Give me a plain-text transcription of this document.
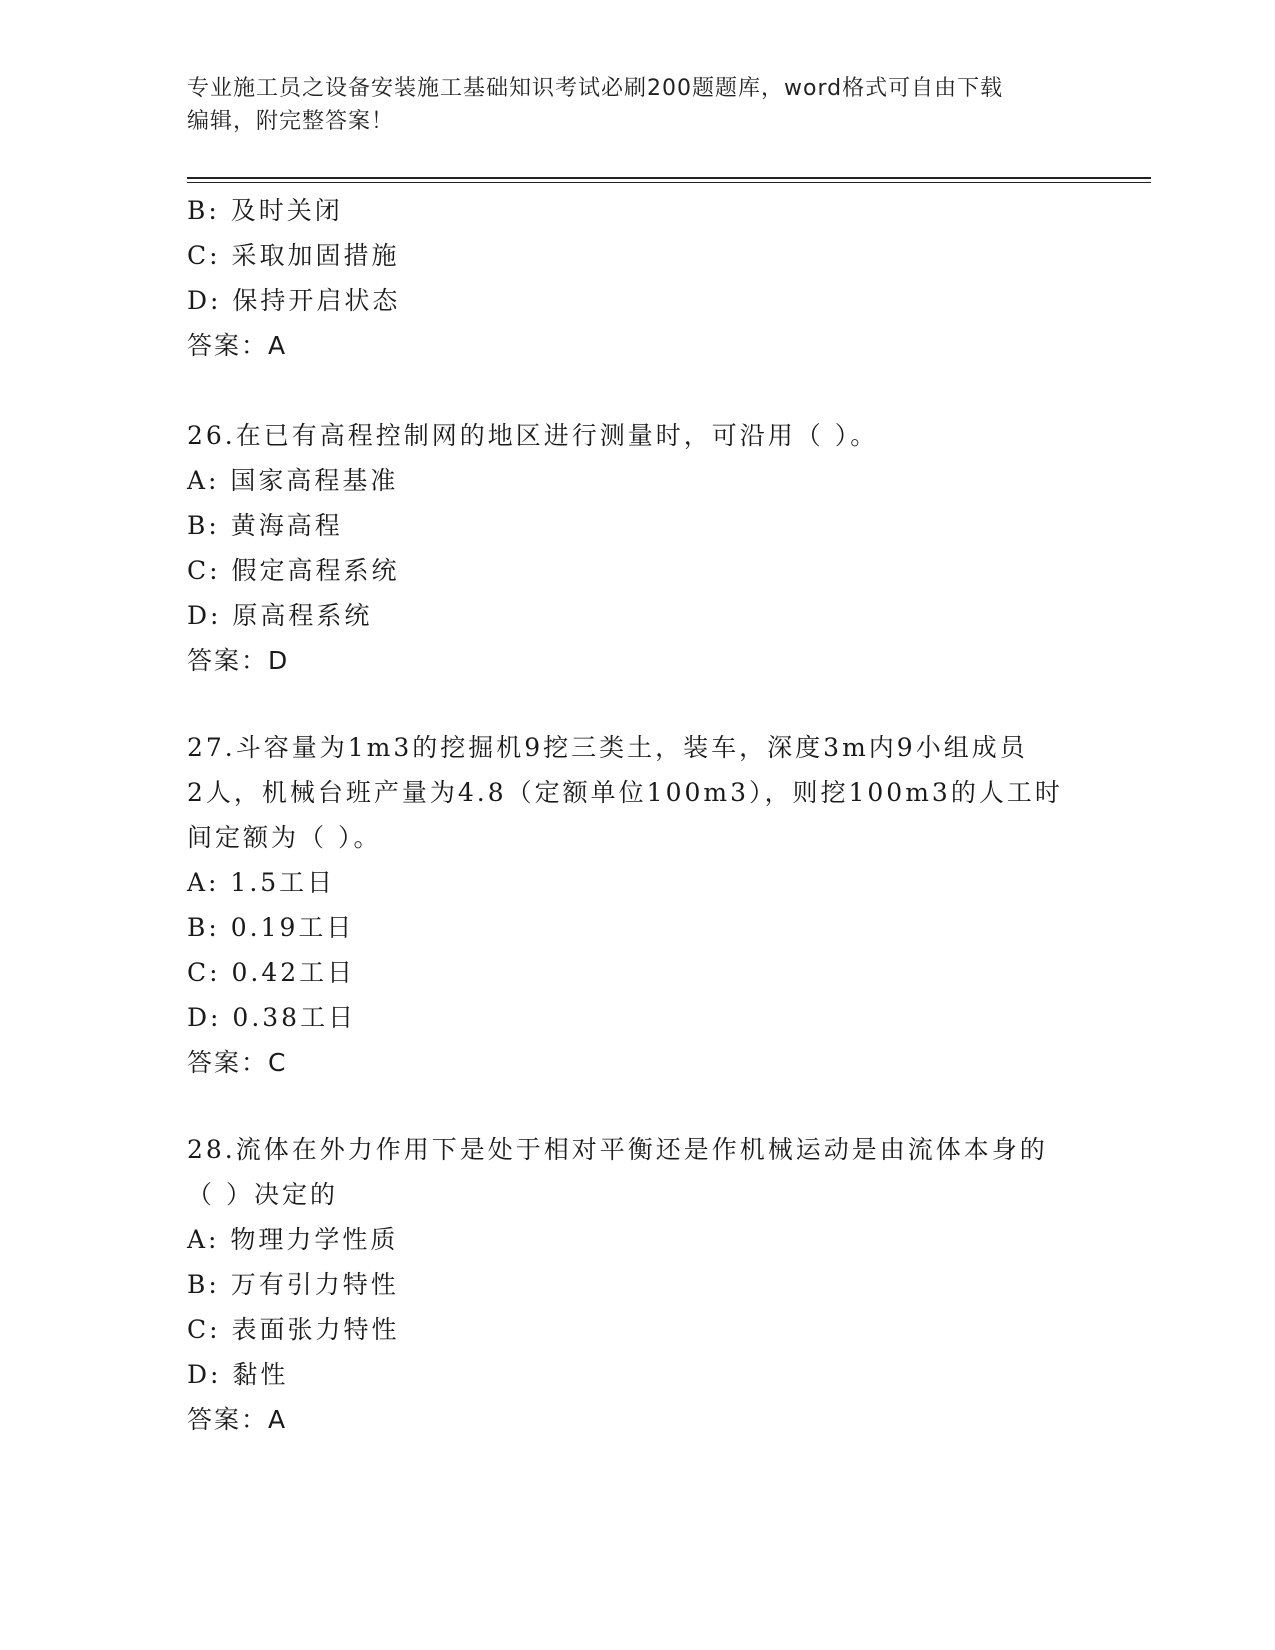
专业施工员之设备安装施工基础知识考试必刷200题题库，word格式可自由下载
编辑，附完整答案！
B: 及时关闭
C: 采取加固措施
D: 保持开启状态
答案：A
26.在已有高程控制网的地区进行测量时，可沿用（ ）。
A: 国家高程基准
B: 黄海高程
C: 假定高程系统
D: 原高程系统
答案：D
27.斗容量为1m3的挖掘机9挖三类土，装车，深度3m内9小组成员
2人，机械台班产量为4.8（定额单位100m3），则挖100m3的人工时
间定额为（ ）。
A: 1.5工日
B: 0.19工日
C: 0.42工日
D: 0.38工日
答案：C
28.流体在外力作用下是处于相对平衡还是作机械运动是由流体本身的
（ ）决定的
A: 物理力学性质
B: 万有引力特性
C: 表面张力特性
D: 黏性
答案：A
